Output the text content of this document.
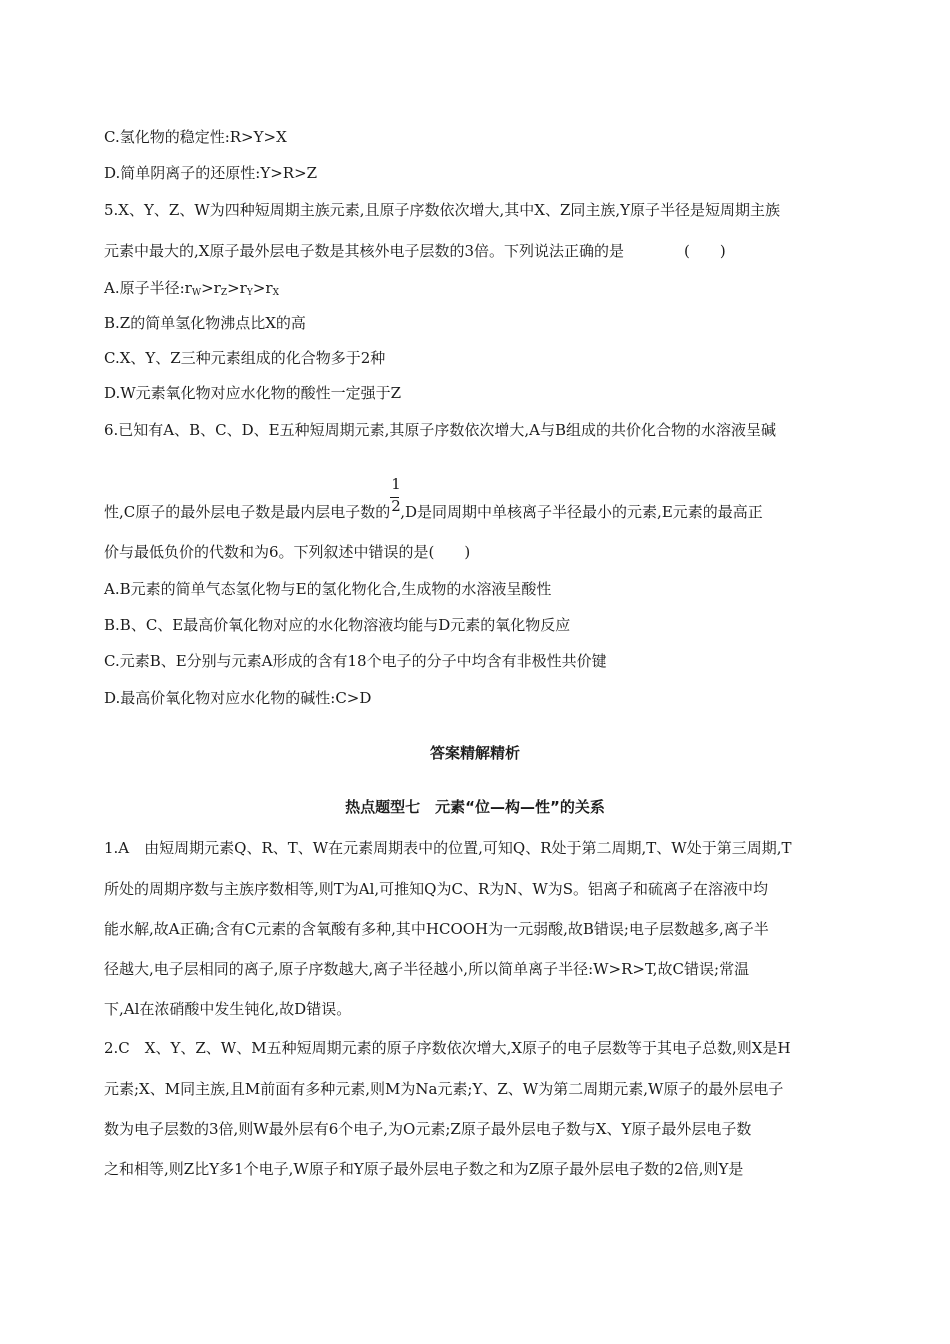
C.氢化物的稳定性:R>Y>X
D.简单阴离子的还原性:Y>R>Z
5.X、Y、Z、W为四种短周期主族元素,且原子序数依次增大,其中X、Z同主族,Y原子半径是短周期主族
元素中最大的,X原子最外层电子数是其核外电子层数的3倍。下列说法正确的是	(　　)
A.原子半径$:r_W>r_Z>r_Y>r_X$
B.Z的简单氢化物沸点比X的高
C.X、Y、Z三种元素组成的化合物多于2种
D.W元素氧化物对应水化物的酸性一定强于Z
6.已知有A、B、C、D、E五种短周期元素,其原子序数依次增大,A与B组成的共价化合物的水溶液呈碱
性,C原子的最外层电子数是最内层电子数的 $\frac{1}{2} ,D$是同周期中单核离子半径最小的元素,E元素的最高正
价与最低负价的代数和为6。下列叙述中错误的是(　　)
A.B元素的简单气态氢化物与E的氢化物化合,生成物的水溶液呈酸性
B.B、C、E最高价氧化物对应的水化物溶液均能与D元素的氧化物反应
C.元素B、E分别与元素A形成的含有18个电子的分子中均含有非极性共价键
D.最高价氧化物对应水化物的碱性:C>D
答案精解精析
热点题型七　元素“位—构—性”的关系
1.A　由短周期元素Q、R、T、W在元素周期表中的位置,可知Q、R处于第二周期,T、W处于第三周期,T
所处的周期序数与主族序数相等,则T为Al,可推知Q为C、R为N、W为S。铝离子和硫离子在溶液中均
能水解,故A正确;含有C元素的含氧酸有多种,其中HCOOH为一元弱酸,故B错误;电子层数越多,离子半
径越大,电子层相同的离子,原子序数越大,离子半径越小,所以简单离子半径:W>R>T,故C错误;常温
下,Al在浓硝酸中发生钝化,故D错误。
2.C　X、Y、Z、W、M五种短周期元素的原子序数依次增大,X原子的电子层数等于其电子总数,则X是H
元素;X、M同主族,且M前面有多种元素,则M为Na元素;Y、Z、W为第二周期元素,W原子的最外层电子
数为电子层数的3倍,则W最外层有6个电子,为O元素;Z原子最外层电子数与X、Y原子最外层电子数
之和相等,则Z比Y多1个电子,W原子和Y原子最外层电子数之和为Z原子最外层电子数的2倍,则Y是
